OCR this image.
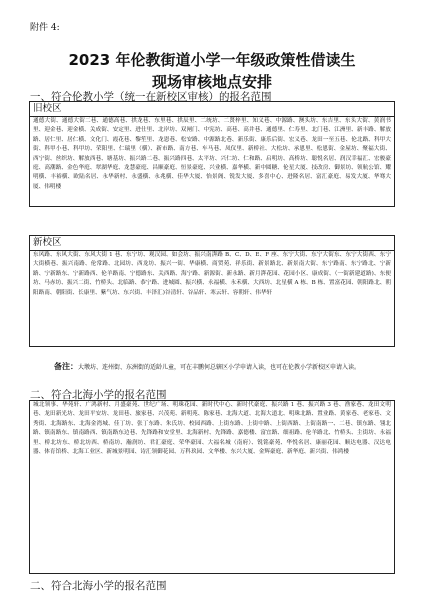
附件 4:
2023 年伦教街道小学一年级政策性借读生
现场审核地点安排
一、符合伦教小学（统一在新校区审核）的报名范围
旧校区
通德大街、通德大街二巷、通德高巷、拱龙巷、东里巷、拱辰里、二统坊、二贤梓里、知义巷、中源路、澳头坊、东吉里、东头大街、黄润书里、迎金巷、迎金横、关成街、安定里、进仕里、北岸坊、双闸门、中宪坊、高巷、高井巷、通德里、仁寿里、北门巷、江洲里、新丰路、解放路、居仁里、居仁横、文化门、霞花巷、黎笙里、龙恩巷、松安路、中源路北巷、新乐街、康乐后街、宏义巷、龙田一至五巷、伦北路、科甲大街、科甲小巷、科甲坊、荣阳里、仁瑞里（横）、新市路、南方巷、车马巷、凤仪里、新桥社、大松坊、承恩里、松恩街、金屋坊、聚福大街、西宁街、丝织坊、解放西巷、塘基坊、振兴路二巷、振兴路四巷、太平坊、兴仁坊、仁和路、启明坊、高桥坊、聪悦名居、润汉幸福汇、宏骏豪庭、高潮路、金色华庭、翠湖华庭、龙慧豪庭、昌顺豪庭、恒景豪庭、兴业横、嘉华横、新中圆糖、伦星大厦、技改房、御景坊、领航公馆、耀明横、丰裕横、欧陆名居、永华新村、永盛横、永兆横、佳华大厦、怡景阁、锐发大厦、多喜中心、进隆名居、富汇豪庭、易发大厦、华骞大厦、伟明楼
新校区
东风路、东风大街、东风大街 1 巷、东宁坊、观汉园、如会坊、振兴南湃路 B、C、D、E、F 座、东宁大街、东宁大街东、东宁大街西、东宁大街横巷、振兴南路、伦常路、北园坊、西龙坊、振兴一街、华康横、商贸苑、祥乐街、新景路北、新景南大街、东宁路南、东宁路北、宁新路、宁新路东、宁新路西、伦羊路南、宁德路东、关西路、海宁路、新源街、新永路、新月湃花园、花园小区、康成街、（一街新建道路)、东便坊、马赤坊、振兴二街、竹桥头、北临路、恭宁路、进城圆、振兴横、永福横、永禾横、大西坊、北星横 A 栋、B 栋、置富花园、朝阳路北、朝阳路南、朝阳街、长康里、紫气坊、东兴街、丰泽汇)谷清轩、谷品轩、寒云轩、容朝轩、伟华轩
备注：大墩坊、连州街、东洲街的适龄儿童，可在丰鹏何总辖区小学申请入读，也可在伦教小学新校区申请入读。
二、符合北海小学的报名范围
城北领事、华苑轩、广鸿新村、月盛豪苑、世纪广场、明珠花园、新时代中心、新时代豪庭、振兴路 1 巷、振兴路 3 巷、渔家巷、龙田文明巷、龙田新光坊、龙田平安坊、龙田巷、旅家巷、兴茂苑、新明苑、陈家巷、北海大道、北海大道北、明珠北路、置业路、黄家巷、老家巷、文秀街、北海路东、北海金湾城、佳丁坊、张丁东路、朱氏坊、校园西路、上街东路、上街中路、上街西路、上街南路一、二巷、镇东路、翎北路、镇南路东、镇南路西、镇南路东边巷、先锋路和安堂里、北海新村、先锋路、嘉德楼、富宜路、细祖路、伦羊路北、竹桥头、主街坊、永福里、桥北坊东、桥北坊西、桥南坊、瀚润坊、君汇豪庭、荣华豪园、大福名城（南府）、锐铭豪苑、华悦名居、康丽花园、顺达电器、汉达电器、体育馆桥、北海工业区、新城景明园、诗汇领御花园、万科玖园、文华楼、东兴大厦、金辉豪庭、新华庭、新兴街、伟鸿楼
二、符合北海小学的报名范围
